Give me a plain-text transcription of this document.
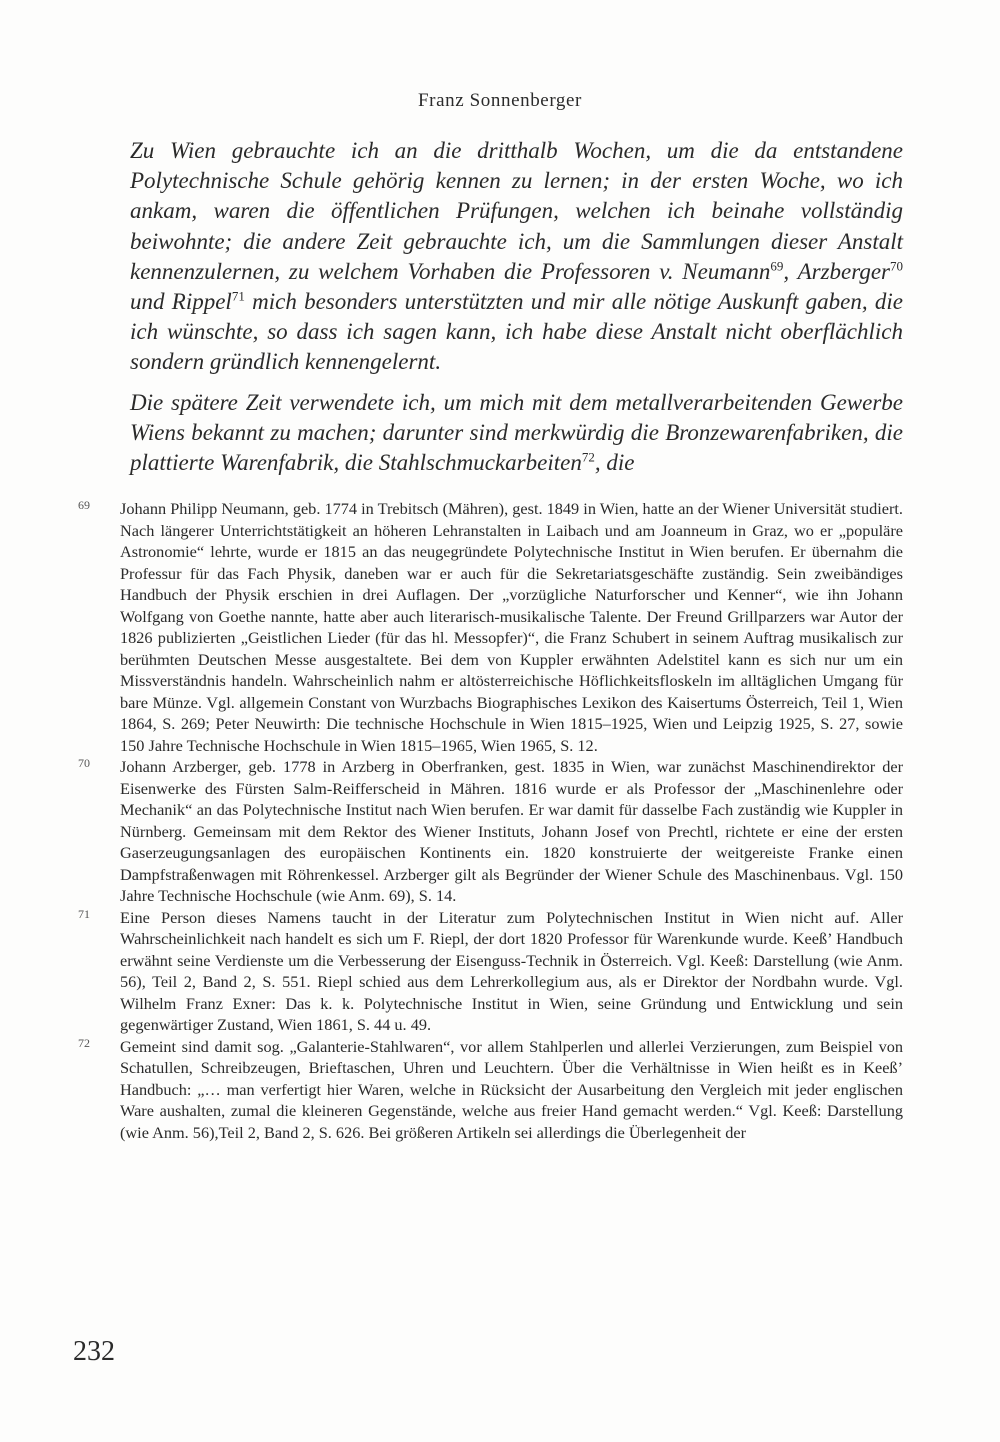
Franz Sonnenberger

Zu Wien gebrauchte ich an die dritthalb Wochen, um die da entstandene Polytechnische Schule gehörig kennen zu lernen; in der ersten Woche, wo ich ankam, waren die öffentlichen Prüfungen, welchen ich beinahe vollständig beiwohnte; die andere Zeit gebrauchte ich, um die Sammlungen dieser Anstalt kennenzulernen, zu welchem Vorhaben die Professoren v. Neumann$^{69}$, Arzberger$^{70}$ und Rippel$^{71}$ mich besonders unterstützten und mir alle nötige Auskunft gaben, die ich wünschte, so dass ich sagen kann, ich habe diese Anstalt nicht oberflächlich sondern gründlich kennengelernt.

Die spätere Zeit verwendete ich, um mich mit dem metallverarbeitenden Gewerbe Wiens bekannt zu machen; darunter sind merkwürdig die Bronzewarenfabriken, die plattierte Warenfabrik, die Stahlschmuckarbeiten$^{72}$, die

69 Johann Philipp Neumann, geb. 1774 in Trebitsch (Mähren), gest. 1849 in Wien, hatte an der Wiener Universität studiert. Nach längerer Unterrichtstätigkeit an höheren Lehranstalten in Laibach und am Joanneum in Graz, wo er „populäre Astronomie“ lehrte, wurde er 1815 an das neugegründete Polytechnische Institut in Wien berufen. Er übernahm die Professur für das Fach Physik, daneben war er auch für die Sekretariatsgeschäfte zuständig. Sein zweibändiges Handbuch der Physik erschien in drei Auflagen. Der „vorzügliche Naturforscher und Kenner“, wie ihn Johann Wolfgang von Goethe nannte, hatte aber auch literarisch-musikalische Talente. Der Freund Grillparzers war Autor der 1826 publizierten „Geistlichen Lieder (für das hl. Messopfer)“, die Franz Schubert in seinem Auftrag musikalisch zur berühmten Deutschen Messe ausgestaltete. Bei dem von Kuppler erwähnten Adelstitel kann es sich nur um ein Missverständnis handeln. Wahrscheinlich nahm er altösterreichische Höflichkeitsfloskeln im alltäglichen Umgang für bare Münze. Vgl. allgemein Constant von Wurzbachs Biographisches Lexikon des Kaisertums Österreich, Teil 1, Wien 1864, S. 269; Peter Neuwirth: Die technische Hochschule in Wien 1815–1925, Wien und Leipzig 1925, S. 27, sowie 150 Jahre Technische Hochschule in Wien 1815–1965, Wien 1965, S. 12.
70 Johann Arzberger, geb. 1778 in Arzberg in Oberfranken, gest. 1835 in Wien, war zunächst Maschinendirektor der Eisenwerke des Fürsten Salm-Reifferscheid in Mähren. 1816 wurde er als Professor der „Maschinenlehre oder Mechanik“ an das Polytechnische Institut nach Wien berufen. Er war damit für dasselbe Fach zuständig wie Kuppler in Nürnberg. Gemeinsam mit dem Rektor des Wiener Instituts, Johann Josef von Prechtl, richtete er eine der ersten Gaserzeugungsanlagen des europäischen Kontinents ein. 1820 konstruierte der weitgereiste Franke einen Dampfstraßenwagen mit Röhrenkessel. Arzberger gilt als Begründer der Wiener Schule des Maschinenbaus. Vgl. 150 Jahre Technische Hochschule (wie Anm. 69), S. 14.
71 Eine Person dieses Namens taucht in der Literatur zum Polytechnischen Institut in Wien nicht auf. Aller Wahrscheinlichkeit nach handelt es sich um F. Riepl, der dort 1820 Professor für Warenkunde wurde. Keeß’ Handbuch erwähnt seine Verdienste um die Verbesserung der Eisenguss-Technik in Österreich. Vgl. Keeß: Darstellung (wie Anm. 56), Teil 2, Band 2, S. 551. Riepl schied aus dem Lehrerkollegium aus, als er Direktor der Nordbahn wurde. Vgl. Wilhelm Franz Exner: Das k. k. Polytechnische Institut in Wien, seine Gründung und Entwicklung und sein gegenwärtiger Zustand, Wien 1861, S. 44 u. 49.
72 Gemeint sind damit sog. „Galanterie-Stahlwaren“, vor allem Stahlperlen und allerlei Verzierungen, zum Beispiel von Schatullen, Schreibzeugen, Brieftaschen, Uhren und Leuchtern. Über die Verhältnisse in Wien heißt es in Keeß’ Handbuch: „… man verfertigt hier Waren, welche in Rücksicht der Ausarbeitung den Vergleich mit jeder englischen Ware aushalten, zumal die kleineren Gegenstände, welche aus freier Hand gemacht werden.“ Vgl. Keeß: Darstellung (wie Anm. 56),Teil 2, Band 2, S. 626. Bei größeren Artikeln sei allerdings die Überlegenheit der
232
